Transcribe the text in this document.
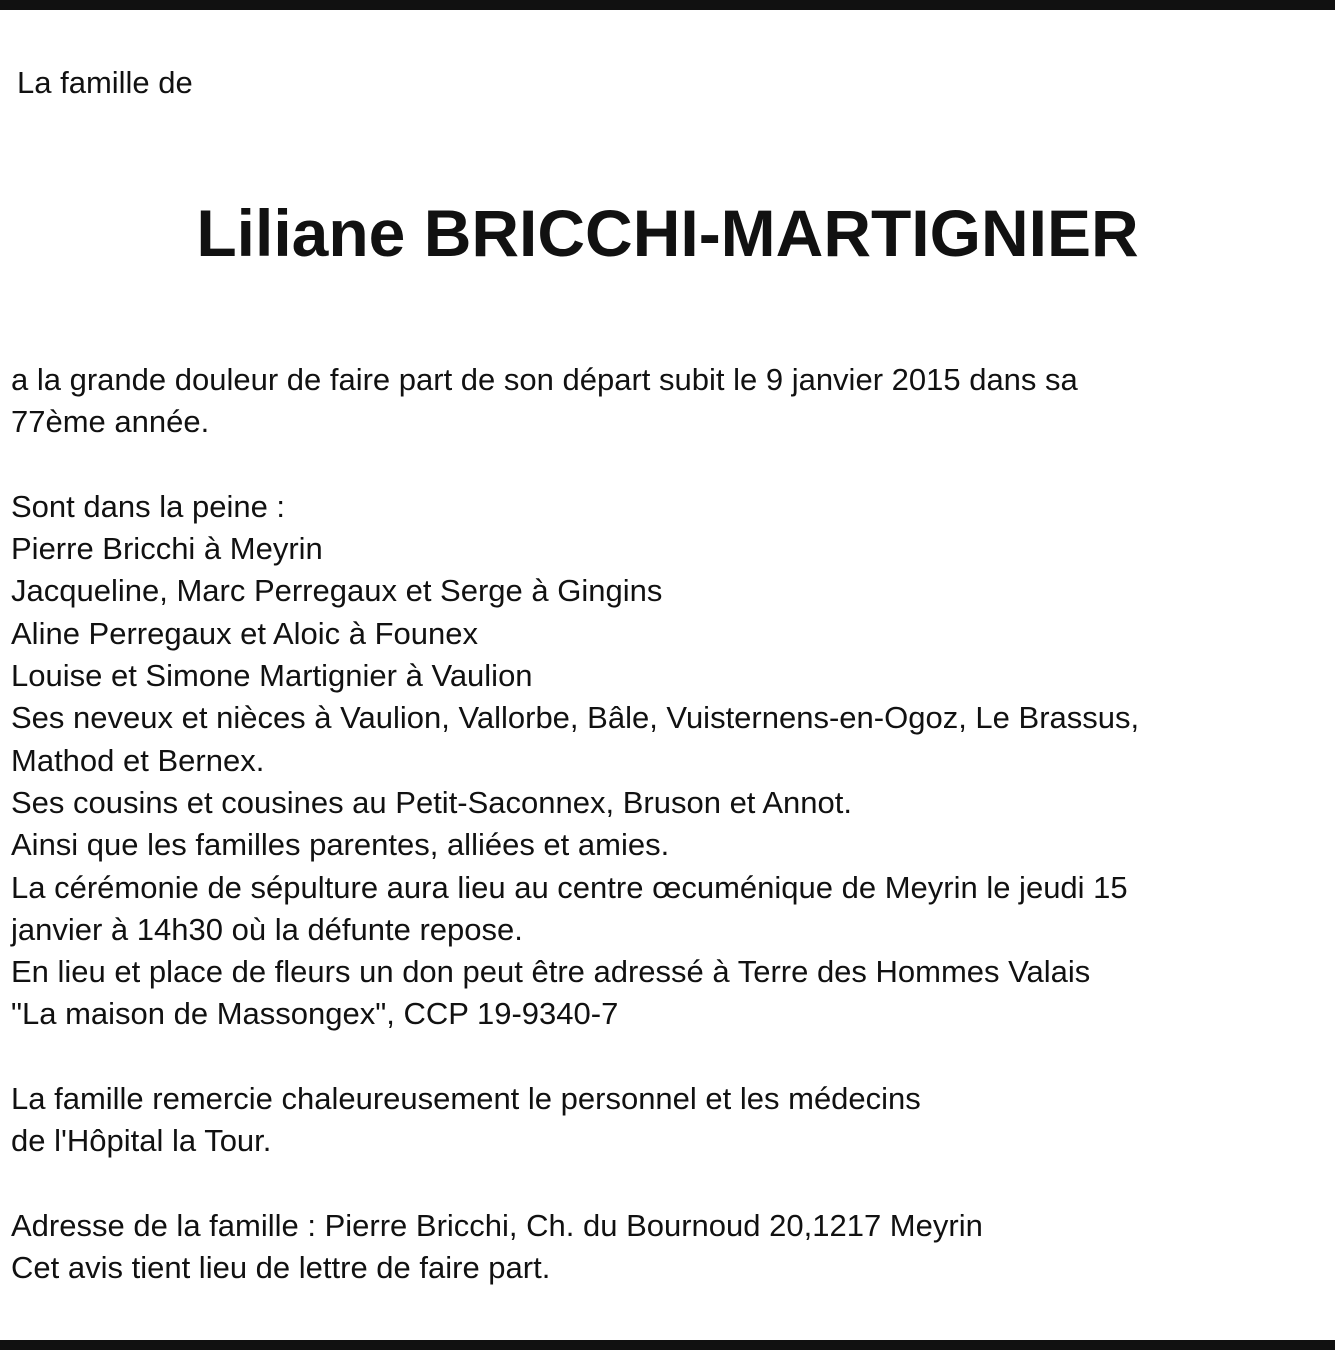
La famille de
Liliane BRICCHI-MARTIGNIER
a la grande douleur de faire part de son départ subit le 9 janvier 2015 dans sa
77ème année.
Sont dans la peine :
Pierre Bricchi à Meyrin
Jacqueline, Marc Perregaux et Serge à Gingins
Aline Perregaux et Aloic à Founex
Louise et Simone Martignier à Vaulion
Ses neveux et nièces à Vaulion, Vallorbe, Bâle, Vuisternens-en-Ogoz, Le Brassus,
Mathod et Bernex.
Ses cousins et cousines au Petit-Saconnex, Bruson et Annot.
Ainsi que les familles parentes, alliées et amies.
La cérémonie de sépulture aura lieu au centre œcuménique de Meyrin le jeudi 15
janvier à 14h30 où la défunte repose.
En lieu et place de fleurs un don peut être adressé à Terre des Hommes Valais
"La maison de Massongex", CCP 19-9340-7
La famille remercie chaleureusement le personnel et les médecins
de l'Hôpital la Tour.
Adresse de la famille : Pierre Bricchi, Ch. du Bournoud 20,1217 Meyrin
Cet avis tient lieu de lettre de faire part.
